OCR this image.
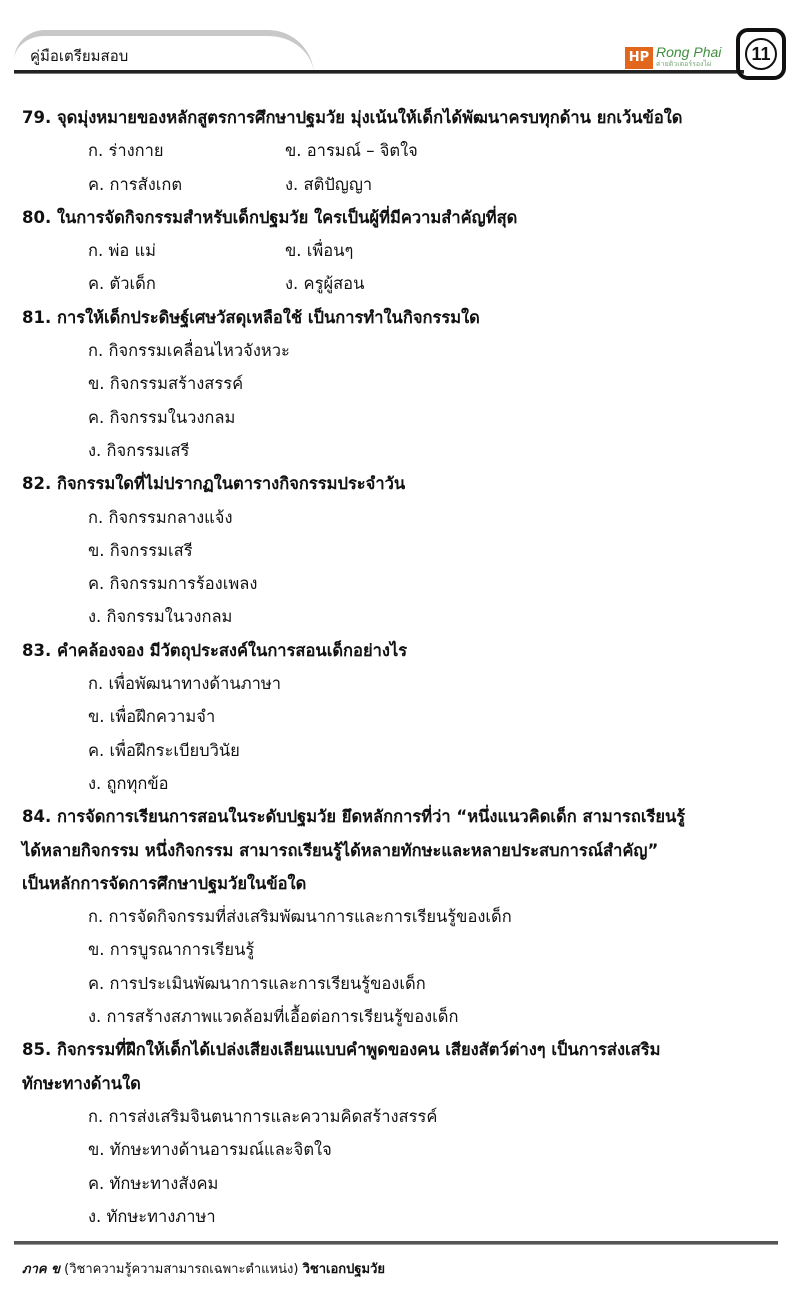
คู่มือเตรียมสอบ	HP Rong Phai
ค่ายติวเตอร์รองไผ่
11
79. จุดมุ่งหมายของหลักสูตรการศึกษาปฐมวัย มุ่งเน้นให้เด็กได้พัฒนาครบทุกด้าน ยกเว้นข้อใด
ก. ร่างกาย	ข. อารมณ์ – จิตใจ
ค. การสังเกต	ง. สติปัญญา
80. ในการจัดกิจกรรมสำหรับเด็กปฐมวัย ใครเป็นผู้ที่มีความสำคัญที่สุด
ก. พ่อ แม่	ข. เพื่อนๆ
ค. ตัวเด็ก	ง. ครูผู้สอน
81. การให้เด็กประดิษฐ์เศษวัสดุเหลือใช้ เป็นการทำในกิจกรรมใด
ก. กิจกรรมเคลื่อนไหวจังหวะ
ข. กิจกรรมสร้างสรรค์
ค. กิจกรรมในวงกลม
ง. กิจกรรมเสรี
82. กิจกรรมใดที่ไม่ปรากฏในตารางกิจกรรมประจำวัน
ก. กิจกรรมกลางแจ้ง
ข. กิจกรรมเสรี
ค. กิจกรรมการร้องเพลง
ง. กิจกรรมในวงกลม
83. คำคล้องจอง มีวัตถุประสงค์ในการสอนเด็กอย่างไร
ก. เพื่อพัฒนาทางด้านภาษา
ข. เพื่อฝึกความจำ
ค. เพื่อฝึกระเบียบวินัย
ง. ถูกทุกข้อ
84. การจัดการเรียนการสอนในระดับปฐมวัย ยึดหลักการที่ว่า “หนึ่งแนวคิดเด็ก สามารถเรียนรู้
ได้หลายกิจกรรม หนึ่งกิจกรรม สามารถเรียนรู้ได้หลายทักษะและหลายประสบการณ์สำคัญ”
เป็นหลักการจัดการศึกษาปฐมวัยในข้อใด
ก. การจัดกิจกรรมที่ส่งเสริมพัฒนาการและการเรียนรู้ของเด็ก
ข. การบูรณาการเรียนรู้
ค. การประเมินพัฒนาการและการเรียนรู้ของเด็ก
ง. การสร้างสภาพแวดล้อมที่เอื้อต่อการเรียนรู้ของเด็ก
85. กิจกรรมที่ฝึกให้เด็กได้เปล่งเสียงเลียนแบบคำพูดของคน เสียงสัตว์ต่างๆ เป็นการส่งเสริม
ทักษะทางด้านใด
ก. การส่งเสริมจินตนาการและความคิดสร้างสรรค์
ข. ทักษะทางด้านอารมณ์และจิตใจ
ค. ทักษะทางสังคม
ง. ทักษะทางภาษา
ภาค ข (วิชาความรู้ความสามารถเฉพาะตำแหน่ง) วิชาเอกปฐมวัย
